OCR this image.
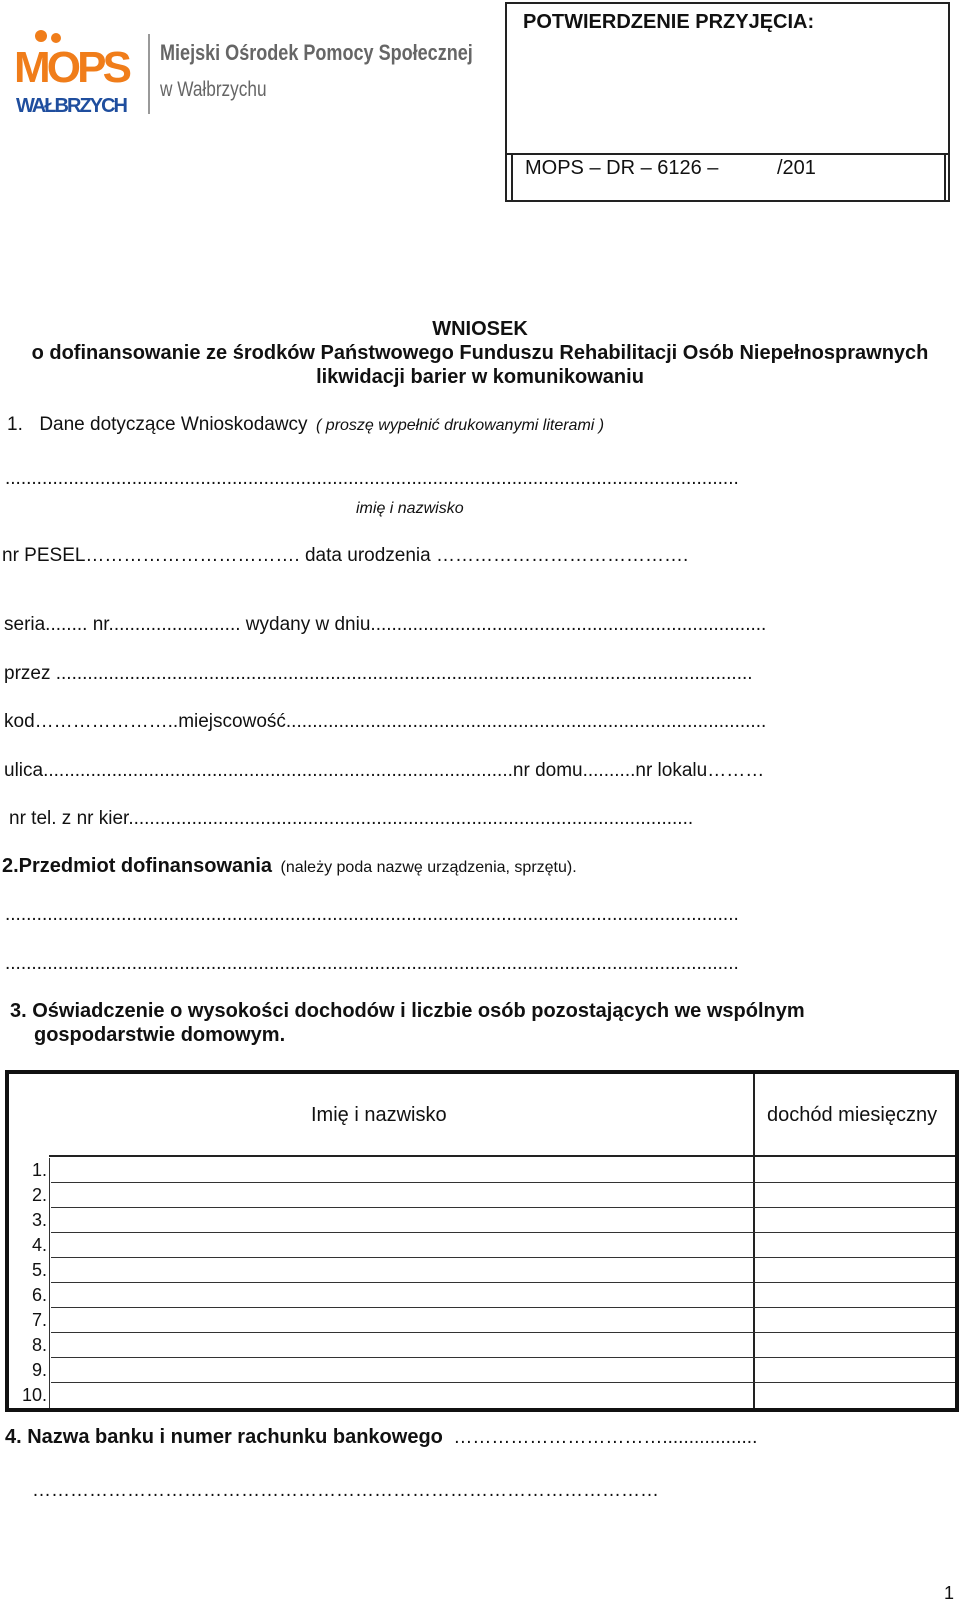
MOPS
WAŁBRZYCH
Miejski Ośrodek Pomocy Społecznej
w Wałbrzychu
POTWIERDZENIE PRZYJĘCIA:
MOPS – DR – 6126 –	/201
WNIOSEK
o dofinansowanie ze środków Państwowego Funduszu Rehabilitacji Osób Niepełnosprawnych
likwidacji barier w komunikowaniu
1. Dane dotyczące Wnioskodawcy ( proszę wypełnić drukowanymi literami )
...........................................................................................................................................
imię i nazwisko
nr PESEL……………………………. data urodzenia ………………………………….
seria........ nr......................... wydany w dniu...........................................................................
przez ....................................................................................................................................
kod…………………..miejscowość...........................................................................................
ulica.........................................................................................nr domu..........nr lokalu………
nr tel. z nr kier...........................................................................................................
2.Przedmiot dofinansowania (należy poda nazwę urządzenia, sprzętu).
...........................................................................................................................................
...........................................................................................................................................
3. Oświadczenie o wysokości dochodów i liczbie osób pozostających we wspólnym
gospodarstwie domowym.
Imię i nazwisko	dochód miesięczny
1.
2.
3.
4.
5.
6.
7.
8.
9.
10.
4. Nazwa banku i numer rachunku bankowego ……………………………..................
………………………………………………………………………………………
1
